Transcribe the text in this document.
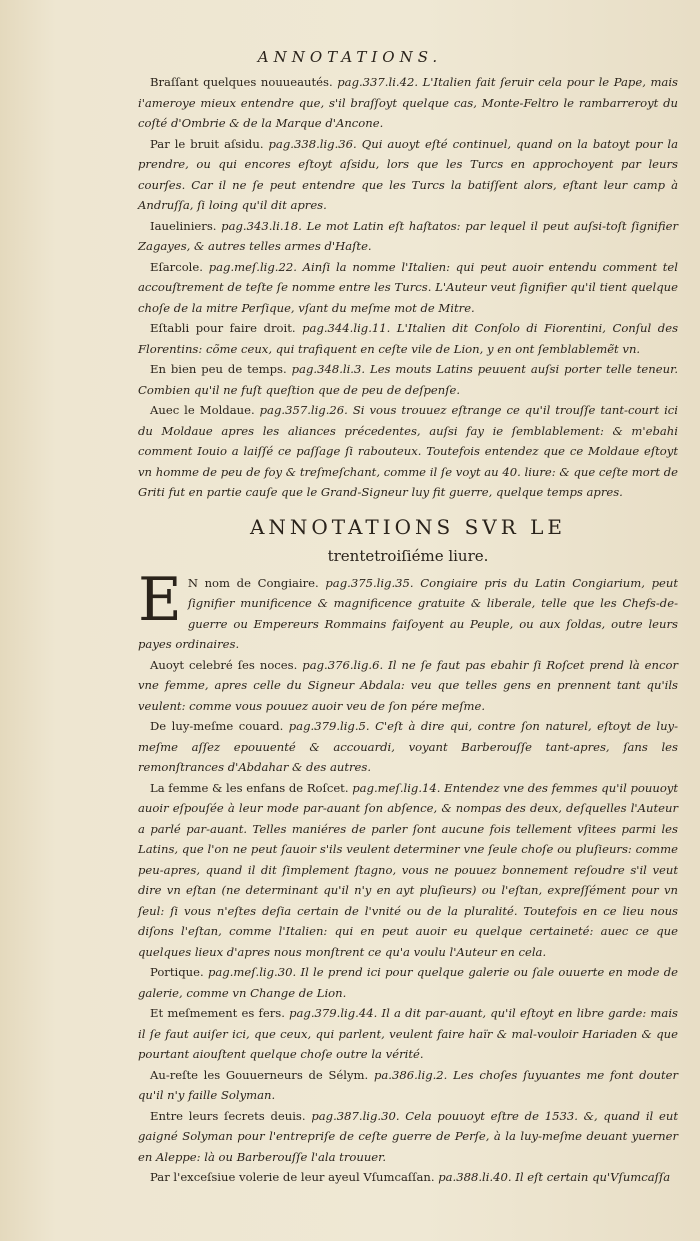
ANNOTATIONS.

Braſſant quelques nouueautés. pag.337.li.42. L'Italien fait ſeruir cela pour le Pape, mais i'ameroye mieux entendre que, s'il braſſoyt quelque cas, Monte-Feltro le rambarreroyt du coſté d'Ombrie & de la Marque d'Ancone.

Par le bruit aſsidu. pag.338.lig.36. Qui auoyt eſté continuel, quand on la batoyt pour la prendre, ou qui encores eſtoyt aſsidu, lors que les Turcs en approchoyent par leurs courſes. Car il ne ſe peut entendre que les Turcs la batiſſent alors, eſtant leur camp à Andruſſa, ſi loing qu'il dit apres.

Iaueliniers. pag.343.li.18. Le mot Latin eſt haſtatos: par lequel il peut auſsi-toſt ſignifier Zagayes, & autres telles armes d'Haſte.

Eſarcole. pag.meſ.lig.22. Ainſi la nomme l'Italien: qui peut auoir entendu comment tel accouſtrement de teſte ſe nomme entre les Turcs. L'Auteur veut ſignifier qu'il tient quelque choſe de la mitre Perſique, vſant du meſme mot de Mitre.

Eſtabli pour faire droit. pag.344.lig.11. L'Italien dit Conſolo di Fiorentini, Conſul des Florentins: cõme ceux, qui trafiquent en ceſte vile de Lion, y en ont ſemblablemẽt vn.

En bien peu de temps. pag.348.li.3. Les mouts Latins peuuent auſsi porter telle teneur. Combien qu'il ne fuſt queſtion que de peu de deſpenſe.

Auec le Moldaue. pag.357.lig.26. Si vous trouuez eſtrange ce qu'il trouſſe tant-court ici du Moldaue apres les aliances précedentes, auſsi fay ie ſemblablement: & m'ebahi comment Iouio a laiſſé ce paſſage ſi rabouteux. Toutefois entendez que ce Moldaue eſtoyt vn homme de peu de foy & treſmeſchant, comme il ſe voyt au 40. liure: & que ceſte mort de Griti fut en partie cauſe que le Grand-Signeur luy fit guerre, quelque temps apres.

ANNOTATIONS SVR LE
trentetroiſiéme liure.

E N nom de Congiaire. pag.375.lig.35. Congiaire pris du Latin Congiarium, peut ſignifier munificence & magnificence gratuite & liberale, telle que les Chefs-de-guerre ou Empereurs Rommains faiſoyent au Peuple, ou aux ſoldas, outre leurs payes ordinaires.

Auoyt celebré ſes noces. pag.376.lig.6. Il ne ſe faut pas ebahir ſi Roſcet prend là encor vne femme, apres celle du Signeur Abdala: veu que telles gens en prennent tant qu'ils veulent: comme vous pouuez auoir veu de ſon pére meſme.

De luy-meſme couard. pag.379.lig.5. C'eſt à dire qui, contre ſon naturel, eſtoyt de luy-meſme aſſez epouuenté & accouardi, voyant Barberouſſe tant-apres, ſans les remonſtrances d'Abdahar & des autres.

La femme & les enfans de Roſcet. pag.meſ.lig.14. Entendez vne des femmes qu'il pouuoyt auoir eſpouſée à leur mode par-auant ſon abſence, & nompas des deux, deſquelles l'Auteur a parlé par-auant. Telles maniéres de parler ſont aucune fois tellement vſitees parmi les Latins, que l'on ne peut ſauoir s'ils veulent determiner vne ſeule choſe ou pluſieurs: comme peu-apres, quand il dit ſimplement ſtagno, vous ne pouuez bonnement reſoudre s'il veut dire vn eſtan (ne determinant qu'il n'y en ayt pluſieurs) ou l'eſtan, expreſſément pour vn ſeul: ſi vous n'eſtes deſia certain de l'vnité ou de la pluralité. Toutefois en ce lieu nous diſons l'eſtan, comme l'Italien: qui en peut auoir eu quelque certaineté: auec ce que quelques lieux d'apres nous monſtrent ce qu'a voulu l'Auteur en cela.

Portique. pag.meſ.lig.30. Il le prend ici pour quelque galerie ou ſale ouuerte en mode de galerie, comme vn Change de Lion.

Et meſmement es fers. pag.379.lig.44. Il a dit par-auant, qu'il eſtoyt en libre garde: mais il ſe faut auiſer ici, que ceux, qui parlent, veulent faire haïr & mal-vouloir Hariaden & que pourtant aiouſtent quelque choſe outre la vérité.

Au-reſte les Gouuerneurs de Sélym. pa.386.lig.2. Les choſes ſuyuantes me font douter qu'il n'y faille Solyman.

Entre leurs ſecrets deuis. pag.387.lig.30. Cela pouuoyt eſtre de 1533. &, quand il eut gaigné Solyman pour l'entrepriſe de ceſte guerre de Perſe, à la luy-meſme deuant yuerner en Aleppe: là ou Barberouſſe l'ala trouuer.

Par l'exceſsiue volerie de leur ayeul Vſumcaſſan. pa.388.li.40. Il eſt certain qu'Vſumcaſſa
